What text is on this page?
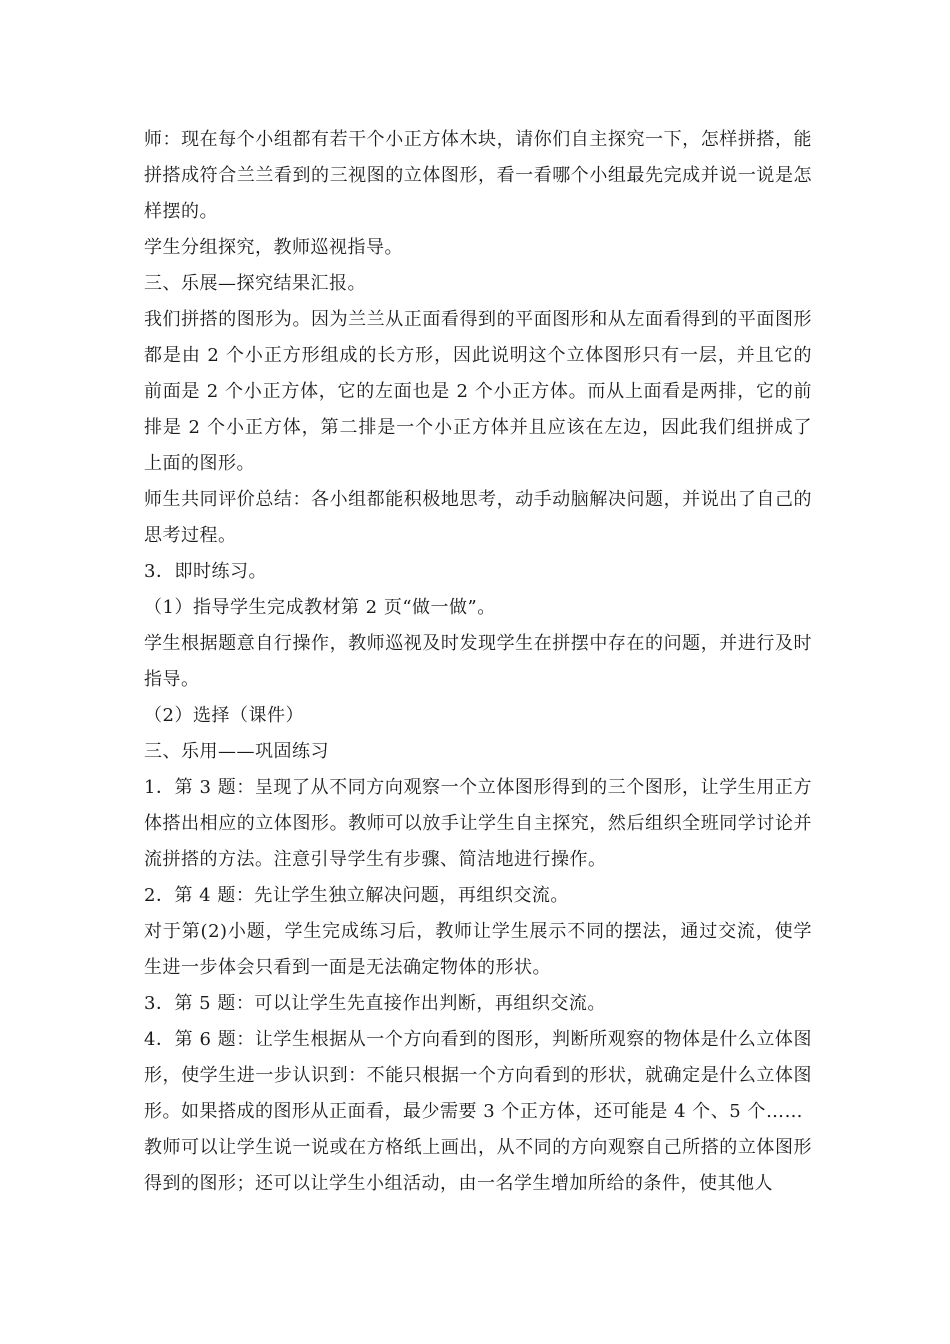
师：现在每个小组都有若干个小正方体木块，请你们自主探究一下，怎样拼搭，能拼搭成符合兰兰看到的三视图的立体图形，看一看哪个小组最先完成并说一说是怎样摆的。

学生分组探究，教师巡视指导。

三、乐展—探究结果汇报。

我们拼搭的图形为。因为兰兰从正面看得到的平面图形和从左面看得到的平面图形都是由 2 个小正方形组成的长方形，因此说明这个立体图形只有一层，并且它的前面是 2 个小正方体，它的左面也是 2 个小正方体。而从上面看是两排，它的前排是 2 个小正方体，第二排是一个小正方体并且应该在左边，因此我们组拼成了上面的图形。

师生共同评价总结：各小组都能积极地思考，动手动脑解决问题，并说出了自己的思考过程。

3．即时练习。

（1）指导学生完成教材第 2 页“做一做”。

学生根据题意自行操作，教师巡视及时发现学生在拼摆中存在的问题，并进行及时指导。

（2）选择（课件）

三、乐用——巩固练习

1．第 3 题：呈现了从不同方向观察一个立体图形得到的三个图形，让学生用正方体搭出相应的立体图形。教师可以放手让学生自主探究，然后组织全班同学讨论并流拼搭的方法。注意引导学生有步骤、简洁地进行操作。

2．第 4 题：先让学生独立解决问题，再组织交流。

对于第(2)小题，学生完成练习后，教师让学生展示不同的摆法，通过交流，使学生进一步体会只看到一面是无法确定物体的形状。

3．第 5 题：可以让学生先直接作出判断，再组织交流。

4．第 6 题：让学生根据从一个方向看到的图形，判断所观察的物体是什么立体图形，使学生进一步认识到：不能只根据一个方向看到的形状，就确定是什么立体图形。如果搭成的图形从正面看，最少需要 3 个正方体，还可能是 4 个、5 个……

教师可以让学生说一说或在方格纸上画出，从不同的方向观察自己所搭的立体图形得到的图形；还可以让学生小组活动，由一名学生增加所给的条件，使其他人
